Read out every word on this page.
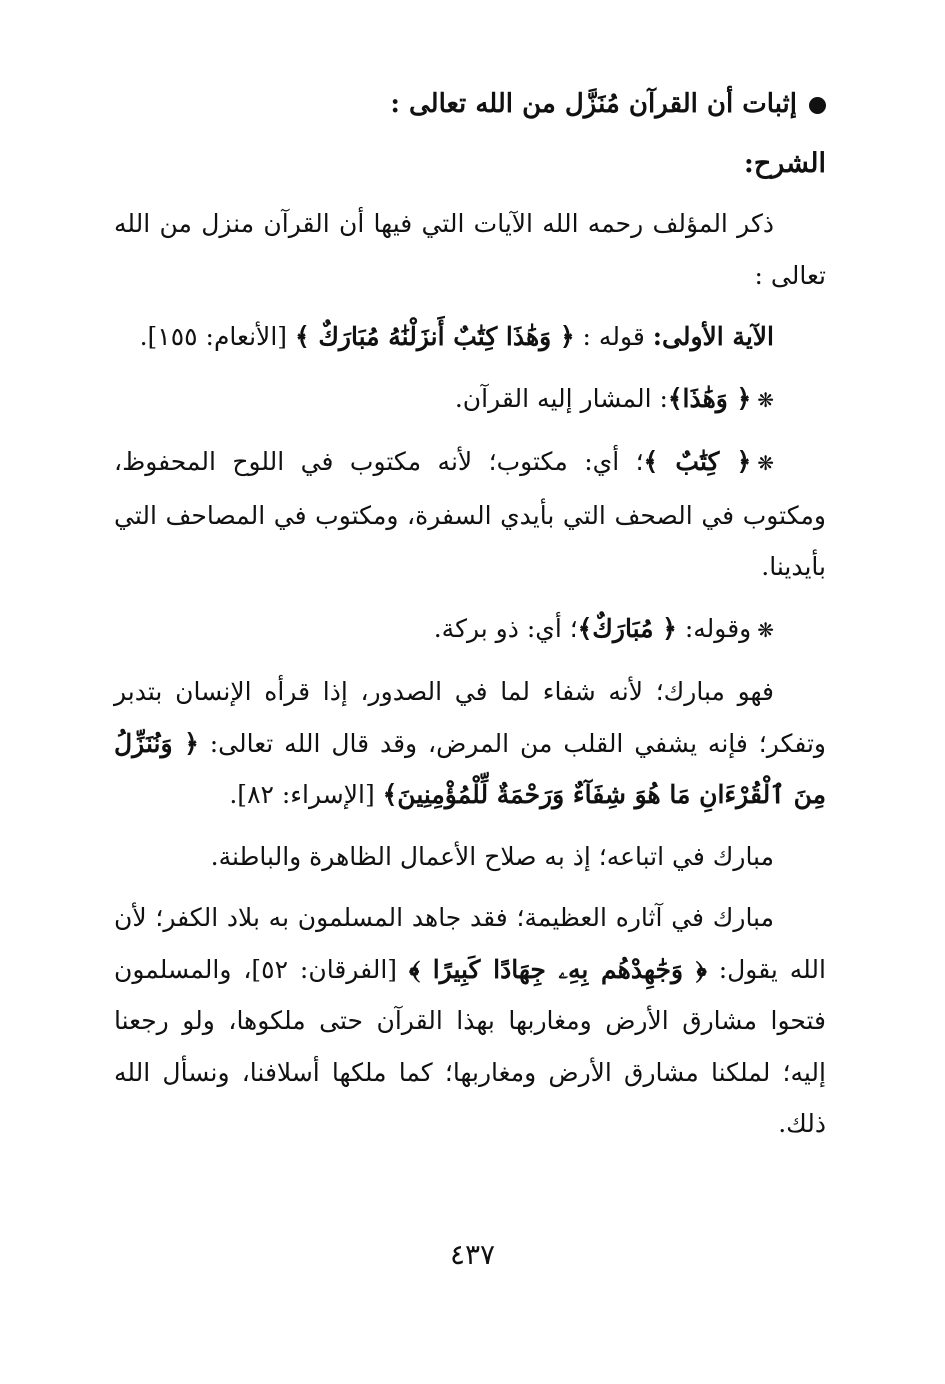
إثبات أن القرآن مُنَزَّل من الله تعالى :
الشرح:

ذكر المؤلف رحمه الله الآيات التي فيها أن القرآن منزل من الله تعالى :

الآية الأولى: قوله : ﴿ وَهَٰذَا كِتَٰبٌ أَنزَلْنَٰهُ مُبَارَكٌ ﴾ [الأنعام: ١٥٥].

❋﴿ وَهَٰذَا﴾: المشار إليه القرآن.

❋﴿ كِتَٰبٌ ﴾؛ أي: مكتوب؛ لأنه مكتوب في اللوح المحفوظ، ومكتوب في الصحف التي بأيدي السفرة، ومكتوب في المصاحف التي بأيدينا.

❋وقوله: ﴿ مُبَارَكٌ﴾؛ أي: ذو بركة.

فهو مبارك؛ لأنه شفاء لما في الصدور، إذا قرأه الإنسان بتدبر وتفكر؛ فإنه يشفي القلب من المرض، وقد قال الله تعالى: ﴿ وَنُنَزِّلُ مِنَ ٱلْقُرْءَانِ مَا هُوَ شِفَآءٌ وَرَحْمَةٌ لِّلْمُؤْمِنِينَ﴾ [الإسراء: ٨٢].

مبارك في اتباعه؛ إذ به صلاح الأعمال الظاهرة والباطنة.

مبارك في آثاره العظيمة؛ فقد جاهد المسلمون به بلاد الكفر؛ لأن الله يقول: ﴿ وَجَٰهِدْهُم بِهِۦ جِهَادًا كَبِيرًا ﴾ [الفرقان: ٥٢]، والمسلمون فتحوا مشارق الأرض ومغاربها بهذا القرآن حتى ملكوها، ولو رجعنا إليه؛ لملكنا مشارق الأرض ومغاربها؛ كما ملكها أسلافنا، ونسأل الله ذلك.

٤٣٧
